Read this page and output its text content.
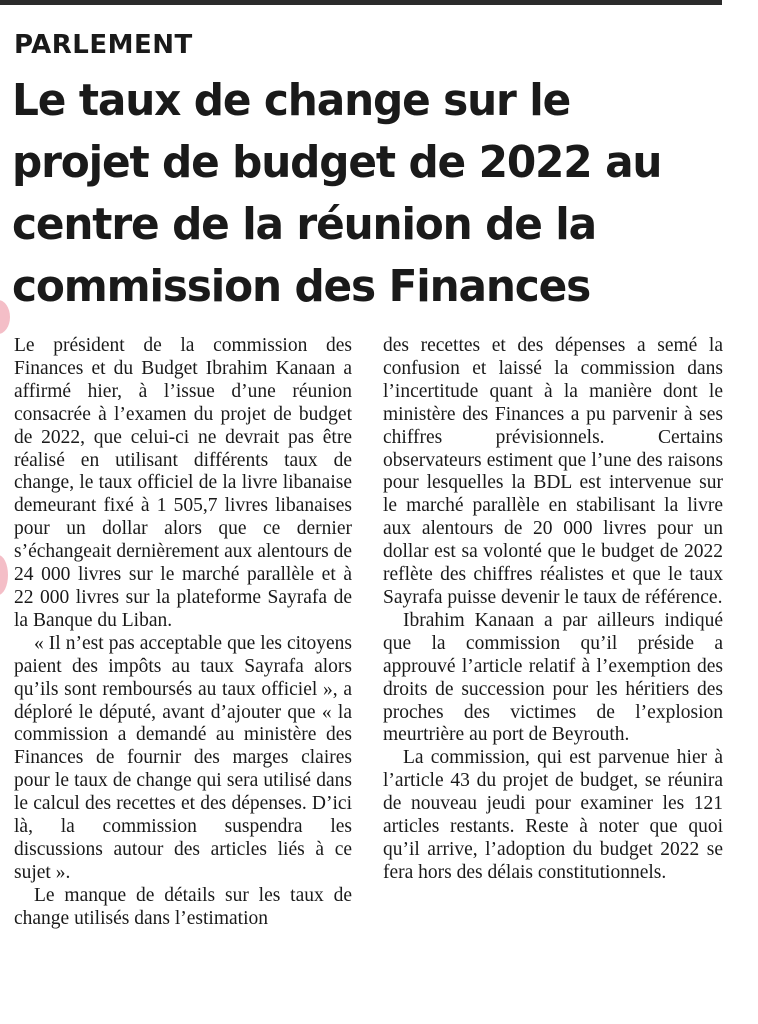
PARLEMENT
Le taux de change sur le projet de budget de 2022 au centre de la réunion de la commission des Finances

Le président de la commission des Finances et du Budget Ibrahim Kanaan a affirmé hier, à l’issue d’une réunion consacrée à l’examen du projet de budget de 2022, que celui-ci ne devrait pas être réalisé en utilisant différents taux de change, le taux officiel de la livre libanaise demeurant fixé à 1 505,7 livres libanaises pour un dollar alors que ce dernier s’échangeait dernièrement aux alentours de 24 000 livres sur le marché parallèle et à 22 000 livres sur la plateforme Sayrafa de la Banque du Liban.

« Il n’est pas acceptable que les citoyens paient des impôts au taux Sayrafa alors qu’ils sont remboursés au taux officiel », a déploré le député, avant d’ajouter que « la commission a demandé au ministère des Finances de fournir des marges claires pour le taux de change qui sera utilisé dans le calcul des recettes et des dépenses. D’ici là, la commission suspendra les discussions autour des articles liés à ce sujet ».

Le manque de détails sur les taux de change utilisés dans l’estimation

des recettes et des dépenses a semé la confusion et laissé la commission dans l’incertitude quant à la manière dont le ministère des Finances a pu parvenir à ses chiffres prévisionnels. Certains observateurs estiment que l’une des raisons pour lesquelles la BDL est intervenue sur le marché parallèle en stabilisant la livre aux alentours de 20 000 livres pour un dollar est sa volonté que le budget de 2022 reflète des chiffres réalistes et que le taux Sayrafa puisse devenir le taux de référence.

Ibrahim Kanaan a par ailleurs indiqué que la commission qu’il préside a approuvé l’article relatif à l’exemption des droits de succession pour les héritiers des proches des victimes de l’explosion meurtrière au port de Beyrouth.

La commission, qui est parvenue hier à l’article 43 du projet de budget, se réunira de nouveau jeudi pour examiner les 121 articles restants. Reste à noter que quoi qu’il arrive, l’adoption du budget 2022 se fera hors des délais constitutionnels.
